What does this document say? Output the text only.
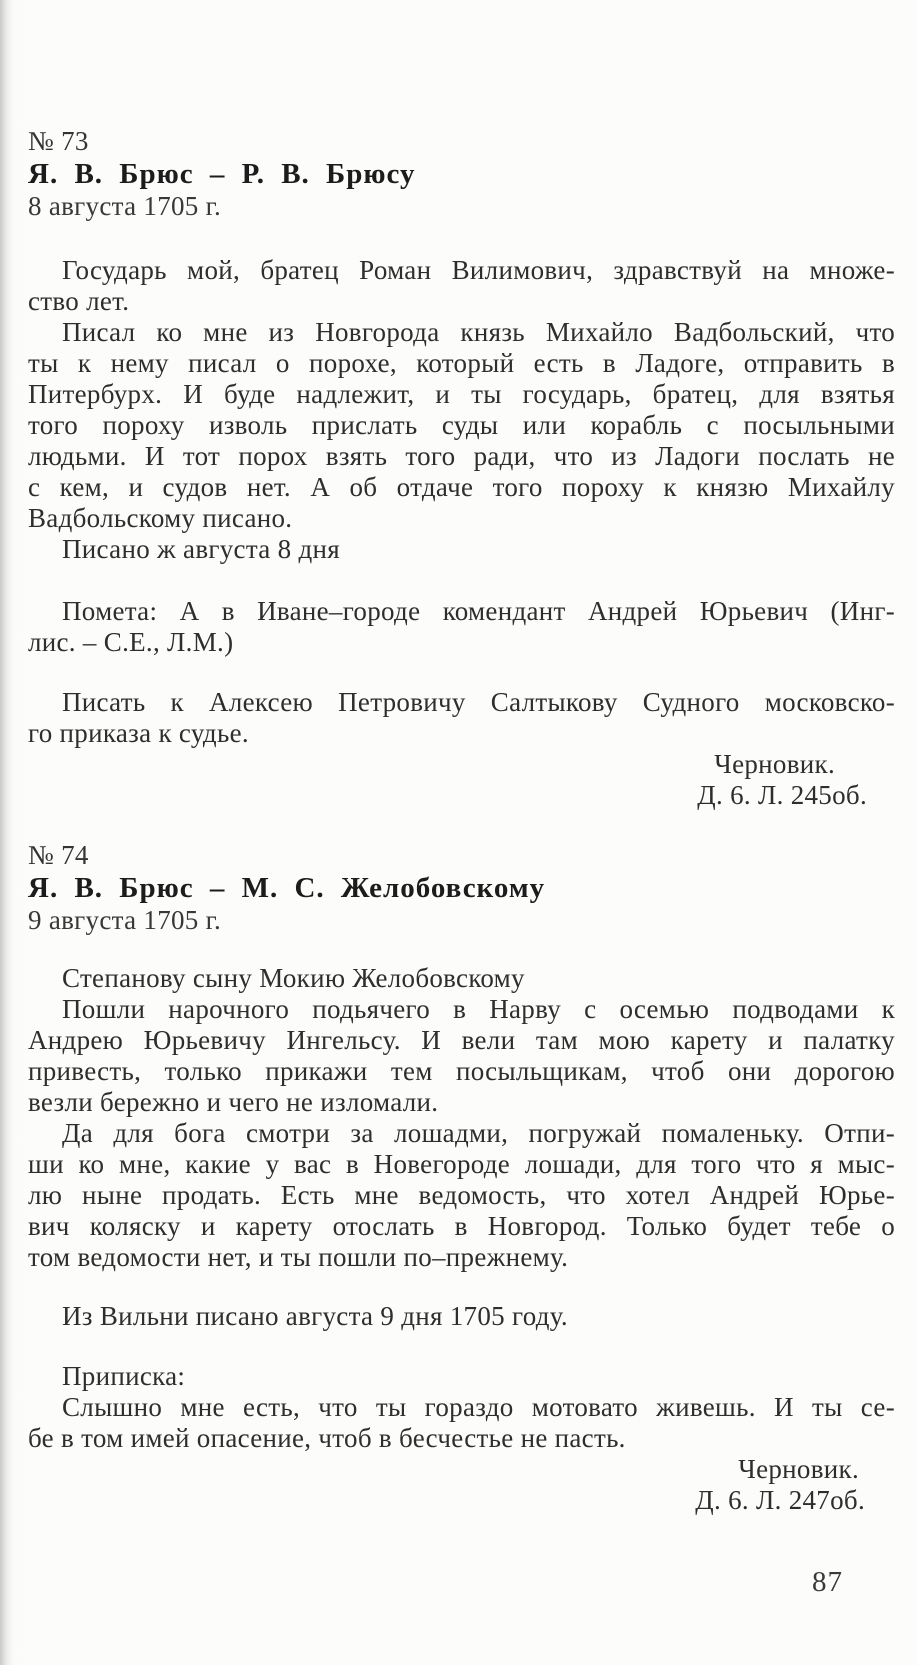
№ 73
Я. В. Брюс – Р. В. Брюсу
8 августа 1705 г.
Государь мой, братец Роман Вилимович, здравствуй на множе-
ство лет.
Писал ко мне из Новгорода князь Михайло Вадбольский, что
ты к нему писал о порохе, который есть в Ладоге, отправить в
Питербурх. И буде надлежит, и ты государь, братец, для взятья
того пороху изволь прислать суды или корабль с посыльными
людьми. И тот порох взять того ради, что из Ладоги послать не
с кем, и судов нет. А об отдаче того пороху к князю Михайлу
Вадбольскому писано.
Писано ж августа 8 дня
Помета: А в Иване–городе комендант Андрей Юрьевич (Инг-
лис. – С.Е., Л.М.)
Писать к Алексею Петровичу Салтыкову Судного московско-
го приказа к судье.
Черновик.
Д. 6. Л. 245об.
№ 74
Я. В. Брюс – М. С. Желобовскому
9 августа 1705 г.
Степанову сыну Мокию Желобовскому
Пошли нарочного подьячего в Нарву с осемью подводами к
Андрею Юрьевичу Ингельсу. И вели там мою карету и палатку
привесть, только прикажи тем посыльщикам, чтоб они дорогою
везли бережно и чего не изломали.
Да для бога смотри за лошадми, погружай помаленьку. Отпи-
ши ко мне, какие у вас в Новегороде лошади, для того что я мыс-
лю ныне продать. Есть мне ведомость, что хотел Андрей Юрье-
вич коляску и карету отослать в Новгород. Только будет тебе о
том ведомости нет, и ты пошли по–прежнему.
Из Вильни писано августа 9 дня 1705 году.
Приписка:
Слышно мне есть, что ты гораздо мотовато живешь. И ты се-
бе в том имей опасение, чтоб в бесчестье не пасть.
Черновик.
Д. 6. Л. 247об.
87
